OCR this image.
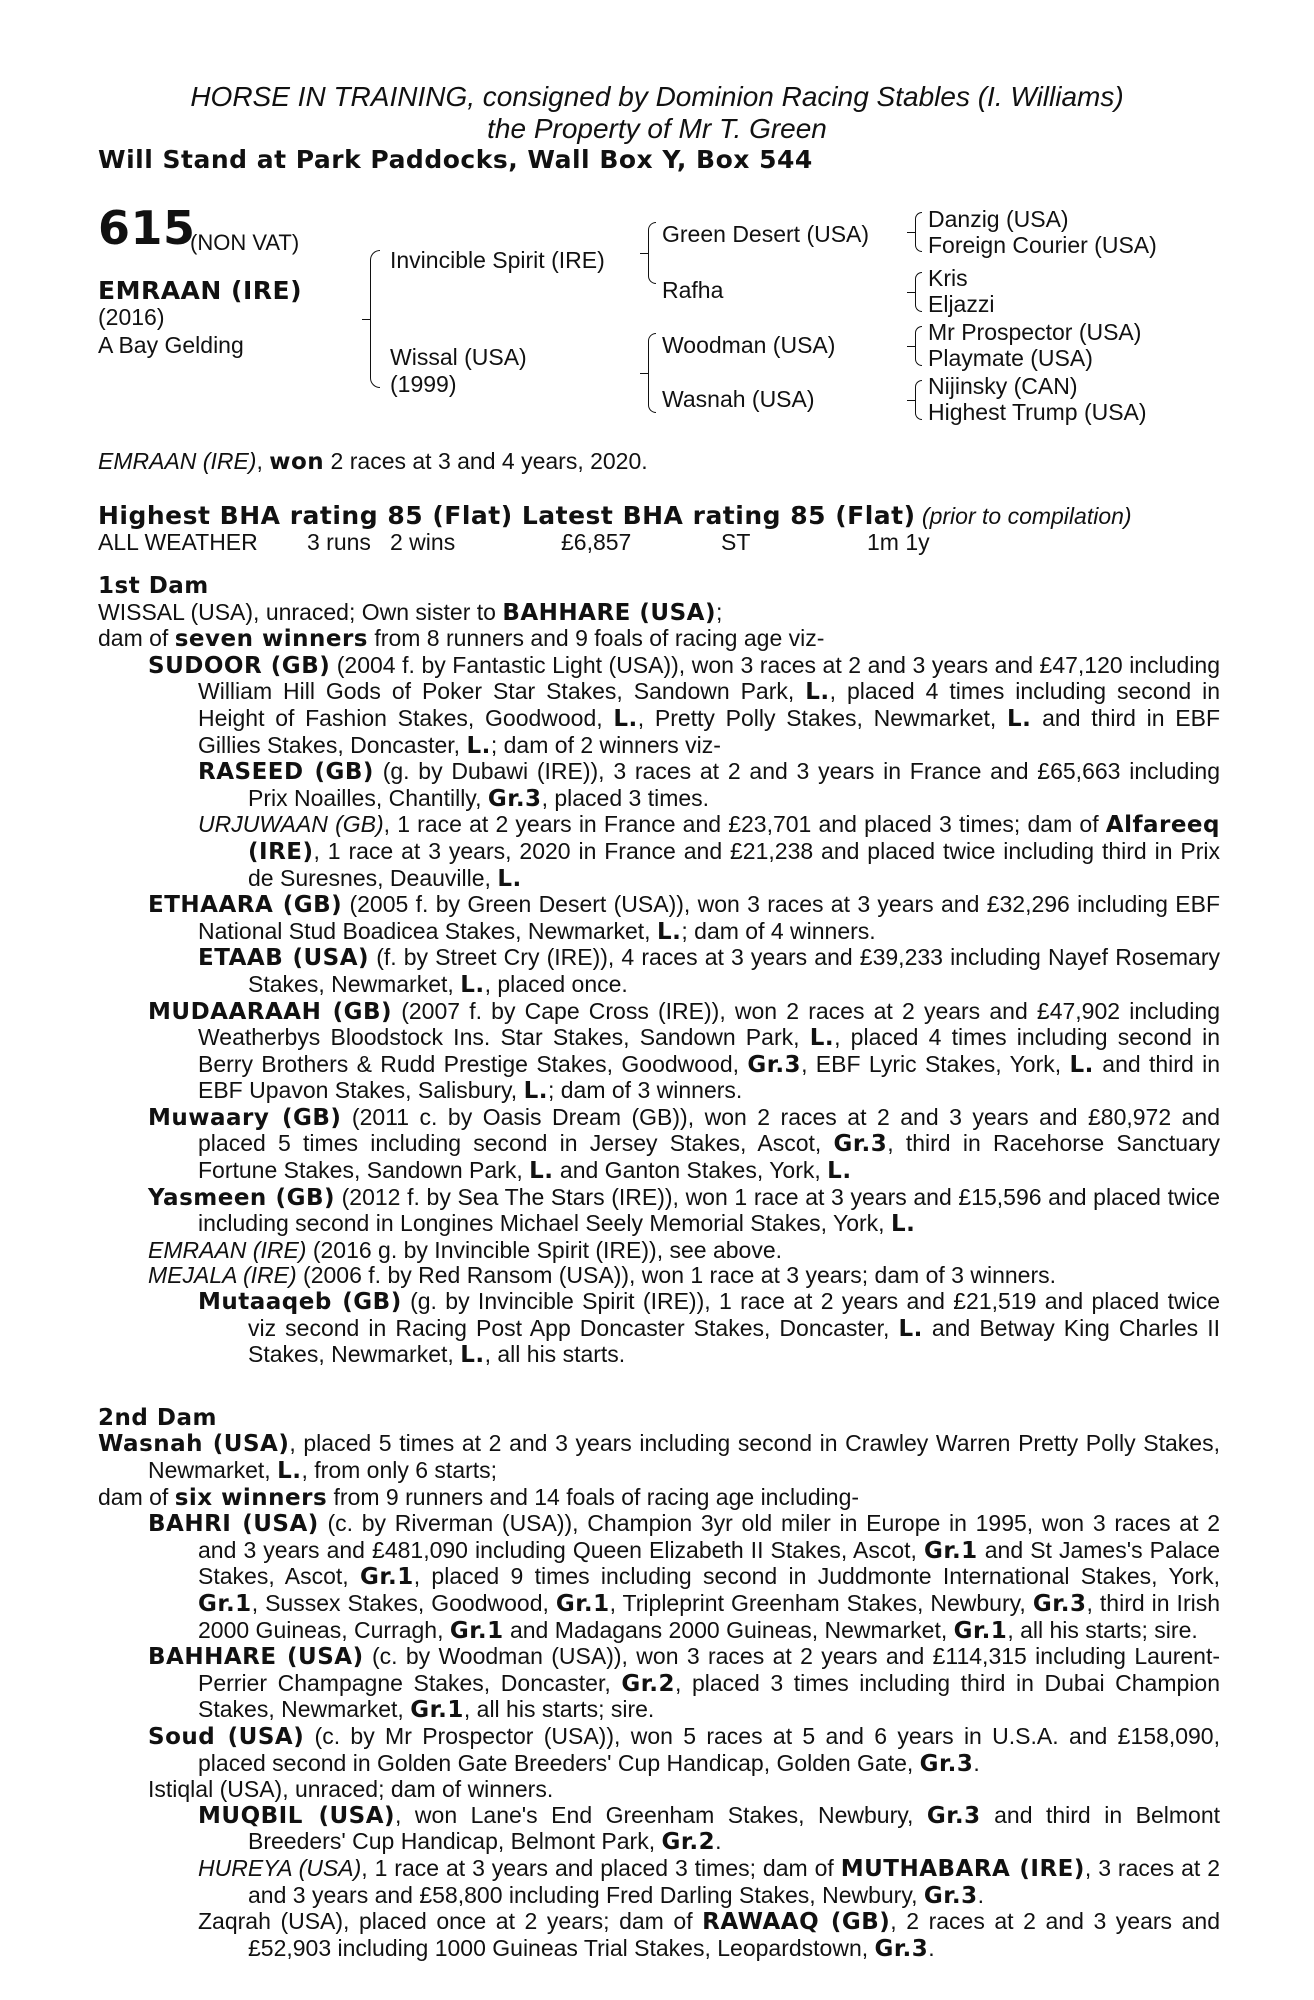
HORSE IN TRAINING, consigned by Dominion Racing Stables (I. Williams)
the Property of Mr T. Green
Will Stand at Park Paddocks, Wall Box Y, Box 544
615
(NON VAT)
EMRAAN (IRE)
(2016)
A Bay Gelding
Invincible Spirit (IRE)
Wissal (USA)
(1999)
Green Desert (USA)
Rafha
Woodman (USA)
Wasnah (USA)
Danzig (USA)
Foreign Courier (USA)
Kris
Eljazzi
Mr Prospector (USA)
Playmate (USA)
Nijinsky (CAN)
Highest Trump (USA)
EMRAAN (IRE), won 2 races at 3 and 4 years, 2020.
Highest BHA rating 85 (Flat) Latest BHA rating 85 (Flat) (prior to compilation)
ALL WEATHER 3 runs 2 wins	£6,857	ST	1m 1y
1st Dam
WISSAL (USA), unraced; Own sister to BAHHARE (USA);
dam of seven winners from 8 runners and 9 foals of racing age viz-
SUDOOR (GB) (2004 f. by Fantastic Light (USA)), won 3 races at 2 and 3 years and £47,120 including William Hill Gods of Poker Star Stakes, Sandown Park, L., placed 4 times including second in Height of Fashion Stakes, Goodwood, L., Pretty Polly Stakes, Newmarket, L. and third in EBF Gillies Stakes, Doncaster, L.; dam of 2 winners viz-
RASEED (GB) (g. by Dubawi (IRE)), 3 races at 2 and 3 years in France and £65,663 including Prix Noailles, Chantilly, Gr.3, placed 3 times.
URJUWAAN (GB), 1 race at 2 years in France and £23,701 and placed 3 times; dam of Alfareeq (IRE), 1 race at 3 years, 2020 in France and £21,238 and placed twice including third in Prix de Suresnes, Deauville, L.
ETHAARA (GB) (2005 f. by Green Desert (USA)), won 3 races at 3 years and £32,296 including EBF National Stud Boadicea Stakes, Newmarket, L.; dam of 4 winners.
ETAAB (USA) (f. by Street Cry (IRE)), 4 races at 3 years and £39,233 including Nayef Rosemary Stakes, Newmarket, L., placed once.
MUDAARAAH (GB) (2007 f. by Cape Cross (IRE)), won 2 races at 2 years and £47,902 including Weatherbys Bloodstock Ins. Star Stakes, Sandown Park, L., placed 4 times including second in Berry Brothers & Rudd Prestige Stakes, Goodwood, Gr.3, EBF Lyric Stakes, York, L. and third in EBF Upavon Stakes, Salisbury, L.; dam of 3 winners.
Muwaary (GB) (2011 c. by Oasis Dream (GB)), won 2 races at 2 and 3 years and £80,972 and placed 5 times including second in Jersey Stakes, Ascot, Gr.3, third in Racehorse Sanctuary Fortune Stakes, Sandown Park, L. and Ganton Stakes, York, L.
Yasmeen (GB) (2012 f. by Sea The Stars (IRE)), won 1 race at 3 years and £15,596 and placed twice including second in Longines Michael Seely Memorial Stakes, York, L.
EMRAAN (IRE) (2016 g. by Invincible Spirit (IRE)), see above.
MEJALA (IRE) (2006 f. by Red Ransom (USA)), won 1 race at 3 years; dam of 3 winners.
Mutaaqeb (GB) (g. by Invincible Spirit (IRE)), 1 race at 2 years and £21,519 and placed twice viz second in Racing Post App Doncaster Stakes, Doncaster, L. and Betway King Charles II Stakes, Newmarket, L., all his starts.
2nd Dam
Wasnah (USA), placed 5 times at 2 and 3 years including second in Crawley Warren Pretty Polly Stakes, Newmarket, L., from only 6 starts;
dam of six winners from 9 runners and 14 foals of racing age including-
BAHRI (USA) (c. by Riverman (USA)), Champion 3yr old miler in Europe in 1995, won 3 races at 2 and 3 years and £481,090 including Queen Elizabeth II Stakes, Ascot, Gr.1 and St James's Palace Stakes, Ascot, Gr.1, placed 9 times including second in Juddmonte International Stakes, York, Gr.1, Sussex Stakes, Goodwood, Gr.1, Tripleprint Greenham Stakes, Newbury, Gr.3, third in Irish 2000 Guineas, Curragh, Gr.1 and Madagans 2000 Guineas, Newmarket, Gr.1, all his starts; sire.
BAHHARE (USA) (c. by Woodman (USA)), won 3 races at 2 years and £114,315 including Laurent-Perrier Champagne Stakes, Doncaster, Gr.2, placed 3 times including third in Dubai Champion Stakes, Newmarket, Gr.1, all his starts; sire.
Soud (USA) (c. by Mr Prospector (USA)), won 5 races at 5 and 6 years in U.S.A. and £158,090, placed second in Golden Gate Breeders' Cup Handicap, Golden Gate, Gr.3.
Istiqlal (USA), unraced; dam of winners.
MUQBIL (USA), won Lane's End Greenham Stakes, Newbury, Gr.3 and third in Belmont Breeders' Cup Handicap, Belmont Park, Gr.2.
HUREYA (USA), 1 race at 3 years and placed 3 times; dam of MUTHABARA (IRE), 3 races at 2 and 3 years and £58,800 including Fred Darling Stakes, Newbury, Gr.3.
Zaqrah (USA), placed once at 2 years; dam of RAWAAQ (GB), 2 races at 2 and 3 years and £52,903 including 1000 Guineas Trial Stakes, Leopardstown, Gr.3.
